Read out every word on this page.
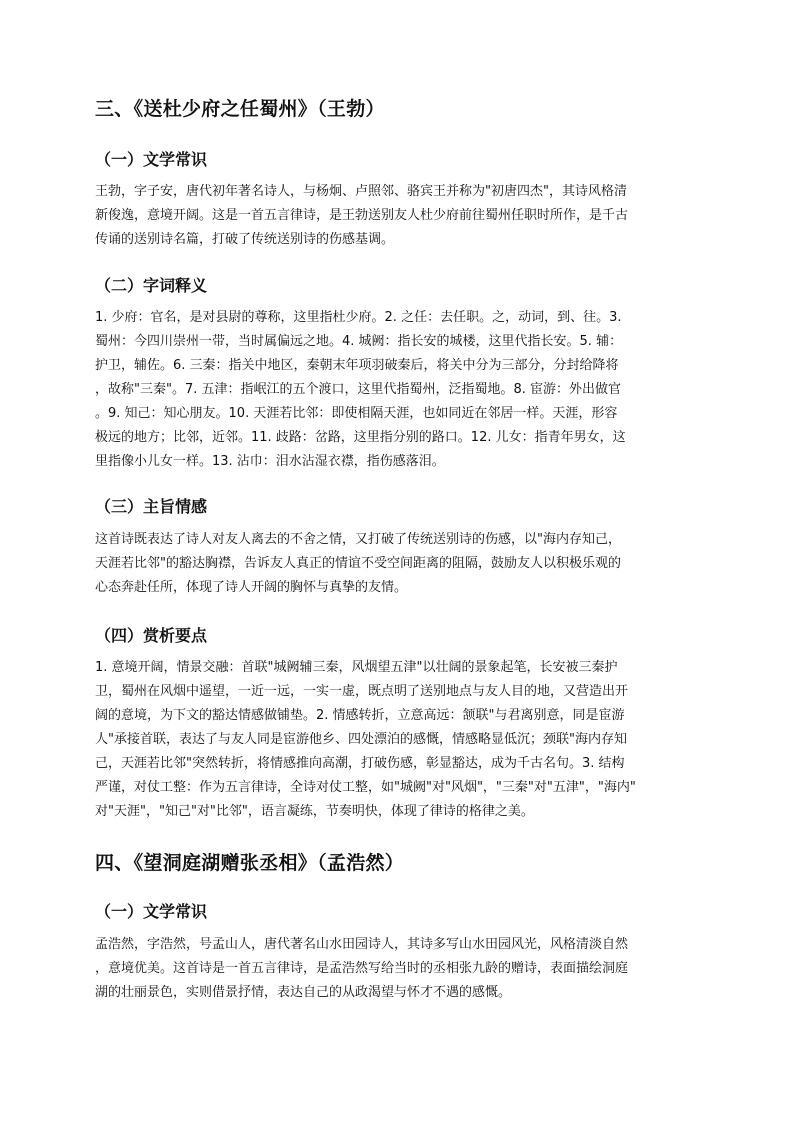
三、《送杜少府之任蜀州》（王勃）
（一）文学常识
王勃，字子安，唐代初年著名诗人，与杨炯、卢照邻、骆宾王并称为"初唐四杰"，其诗风格清
新俊逸，意境开阔。这是一首五言律诗，是王勃送别友人杜少府前往蜀州任职时所作，是千古
传诵的送别诗名篇，打破了传统送别诗的伤感基调。
（二）字词释义
1. 少府：官名，是对县尉的尊称，这里指杜少府。2. 之任：去任职。之，动词，到、往。3.
蜀州：今四川崇州一带，当时属偏远之地。4. 城阙：指长安的城楼，这里代指长安。5. 辅：
护卫，辅佐。6. 三秦：指关中地区，秦朝末年项羽破秦后，将关中分为三部分，分封给降将
，故称"三秦"。7. 五津：指岷江的五个渡口，这里代指蜀州，泛指蜀地。8. 宦游：外出做官
。9. 知己：知心朋友。10. 天涯若比邻：即使相隔天涯，也如同近在邻居一样。天涯，形容
极远的地方；比邻，近邻。11. 歧路：岔路，这里指分别的路口。12. 儿女：指青年男女，这
里指像小儿女一样。13. 沾巾：泪水沾湿衣襟，指伤感落泪。
（三）主旨情感
这首诗既表达了诗人对友人离去的不舍之情，又打破了传统送别诗的伤感，以"海内存知己，
天涯若比邻"的豁达胸襟，告诉友人真正的情谊不受空间距离的阻隔，鼓励友人以积极乐观的
心态奔赴任所，体现了诗人开阔的胸怀与真挚的友情。
（四）赏析要点
1. 意境开阔，情景交融：首联"城阙辅三秦，风烟望五津"以壮阔的景象起笔，长安被三秦护
卫，蜀州在风烟中遥望，一近一远，一实一虚，既点明了送别地点与友人目的地，又营造出开
阔的意境，为下文的豁达情感做铺垫。2. 情感转折，立意高远：颔联"与君离别意，同是宦游
人"承接首联，表达了与友人同是宦游他乡、四处漂泊的感慨，情感略显低沉；颈联"海内存知
己，天涯若比邻"突然转折，将情感推向高潮，打破伤感，彰显豁达，成为千古名句。3. 结构
严谨，对仗工整：作为五言律诗，全诗对仗工整，如"城阙"对"风烟"，"三秦"对"五津"，"海内"
对"天涯"，"知己"对"比邻"，语言凝练，节奏明快，体现了律诗的格律之美。
四、《望洞庭湖赠张丞相》（孟浩然）
（一）文学常识
孟浩然，字浩然，号孟山人，唐代著名山水田园诗人，其诗多写山水田园风光，风格清淡自然
，意境优美。这首诗是一首五言律诗，是孟浩然写给当时的丞相张九龄的赠诗，表面描绘洞庭
湖的壮丽景色，实则借景抒情，表达自己的从政渴望与怀才不遇的感慨。
